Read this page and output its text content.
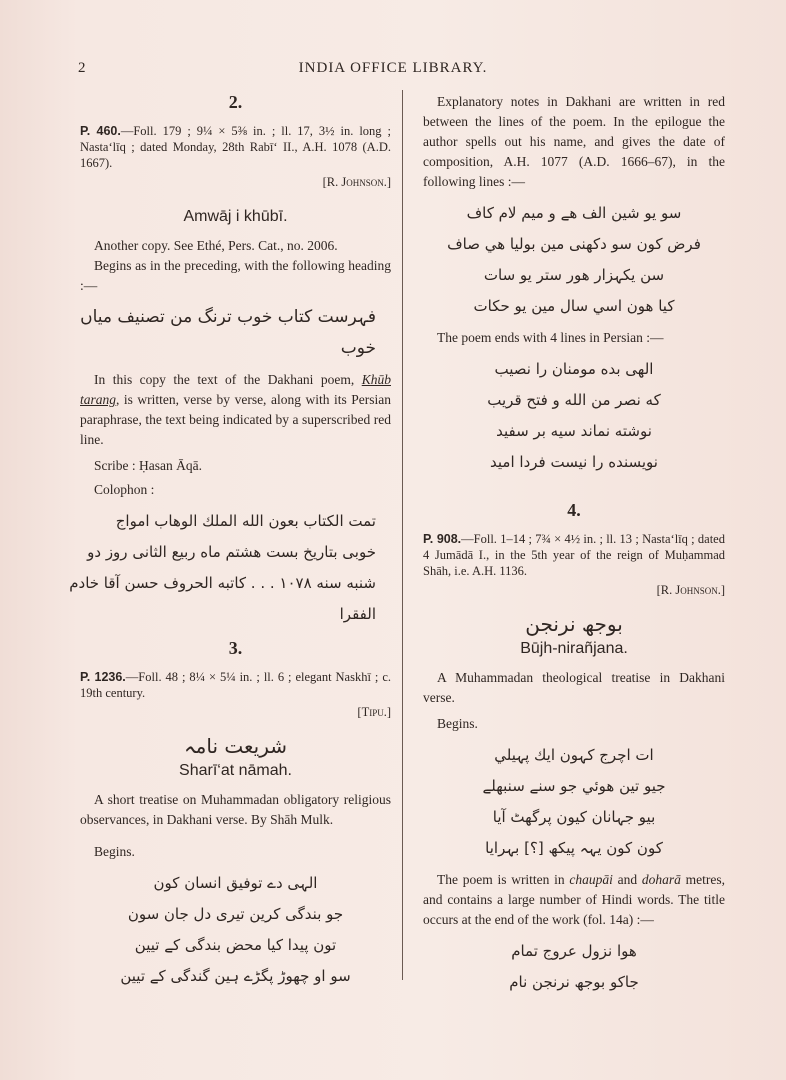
2	INDIA OFFICE LIBRARY.
2.

P. 460.—Foll. 179 ; 9¼ × 5⅜ in. ; ll. 17, 3½ in. long ; Nasta‘līq ; dated Monday, 28th Rabī‘ II., A.H. 1078 (A.D. 1667).

[R. Johnson.]

Amwāj i khūbī.

Another copy. See Ethé, Pers. Cat., no. 2006.

Begins as in the preceding, with the following heading :—

فہرست کتاب خوب ترنگ من تصنیف میاں
خوب

In this copy the text of the Dakhani poem, Khūb tarang, is written, verse by verse, along with its Persian paraphrase, the text being indicated by a superscribed red line.

Scribe : Ḥasan Āqā.

Colophon :

تمت الکتاب بعون الله الملك الوهاب امواج
خوبی بتاریخ بست هشتم ماه ربیع الثانی روز دو
شنبه سنه ۱۰۷۸ . . . کاتبه الحروف حسن آقا خادم
الفقرا
3.

P. 1236.—Foll. 48 ; 8¼ × 5¼ in. ; ll. 6 ; elegant Naskhī ; c. 19th century.

[Tipu.]

شریعت نامہ
Sharī‘at nāmah.

A short treatise on Muhammadan obligatory religious observances, in Dakhani verse. By Shāh Mulk.

Begins.

الہی دے توفیق انسان کون
جو بندگی کرین تیری دل جان سون
تون پیدا کیا محض بندگی کے تیین
سو او چھوڑ پگڑے ہین گندگی کے تیین

Explanatory notes in Dakhani are written in red between the lines of the poem. In the epilogue the author spells out his name, and gives the date of composition, A.H. 1077 (A.D. 1666–67), in the following lines :—

سو یو شین الف هے و میم لام کاف
فرض کون سو دکھنی مین بولیا هي صاف
سن یکہزار هور ستر یو سات
کیا هون اسي سال مین یو حکات

The poem ends with 4 lines in Persian :—

الهی بده مومنان را نصیب
که نصر من الله و فتح قریب
نوشته نماند سیه بر سفید
نویسنده را نیست فردا امید
4.

P. 908.—Foll. 1–14 ; 7¾ × 4½ in. ; ll. 13 ; Nasta‘līq ; dated 4 Jumādā I., in the 5th year of the reign of Muḥammad Shāh, i.e. A.H. 1136.

[R. Johnson.]

بوجھ نرنجن
Būjh-nirañjana.

A Muhammadan theological treatise in Dakhani verse.

Begins.

ات اچرج کہون ایك پہیلي
جیو تین هوئي جو سنے سنبھلے
بیو جہانان کیون پرگھٹ آیا
کون کون یہہ پیکھ [؟] بہرایا

The poem is written in chaupāi and doharā metres, and contains a large number of Hindi words. The title occurs at the end of the work (fol. 14a) :—

هوا نزول عروج تمام
جاکو بوجھ نرنجن نام
